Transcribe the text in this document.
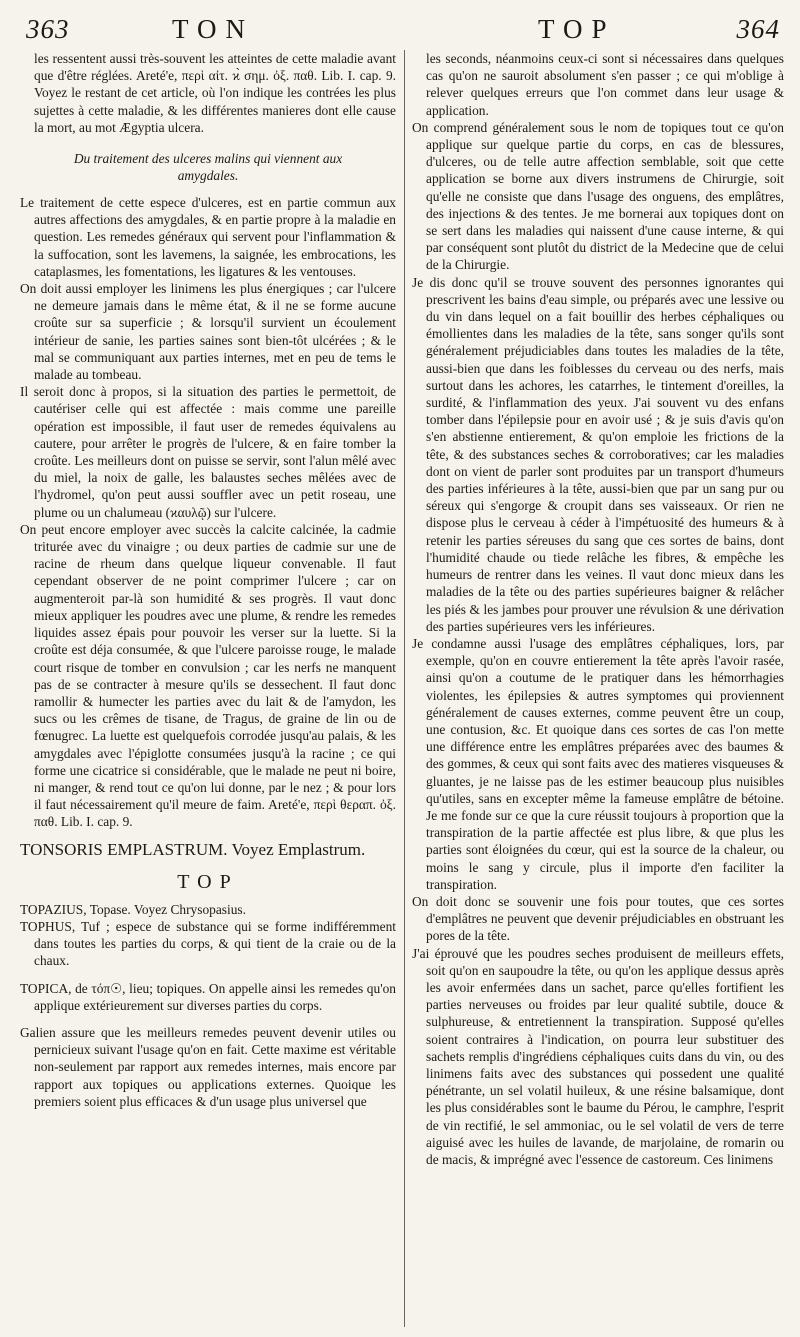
363	TON	TOP	364

les ressentent aussi très-souvent les atteintes de cette maladie avant que d'être réglées. Areté'e, περὶ αἰτ. ϰ̀ σημ. ὀξ. παθ. Lib. I. cap. 9. Voyez le restant de cet article, où l'on indique les contrées les plus sujettes à cette maladie, & les différentes manieres dont elle cause la mort, au mot Ægyptia ulcera.

Du traitement des ulceres malins qui viennent aux amygdales.

Le traitement de cette espece d'ulceres, est en partie commun aux autres affections des amygdales, & en partie propre à la maladie en question. Les remedes généraux qui servent pour l'inflammation & la suffocation, sont les lavemens, la saignée, les embrocations, les cataplasmes, les fomentations, les ligatures & les ventouses.

On doit aussi employer les linimens les plus énergiques ; car l'ulcere ne demeure jamais dans le même état, & il ne se forme aucune croûte sur sa superficie ; & lorsqu'il survient un écoulement intérieur de sanie, les parties saines sont bien-tôt ulcérées ; & le mal se communiquant aux parties internes, met en peu de tems le malade au tombeau.

Il seroit donc à propos, si la situation des parties le permettoit, de cautériser celle qui est affectée : mais comme une pareille opération est impossible, il faut user de remedes équivalens au cautere, pour arrêter le progrès de l'ulcere, & en faire tomber la croûte. Les meilleurs dont on puisse se servir, sont l'alun mêlé avec du miel, la noix de galle, les balaustes seches mêlées avec de l'hydromel, qu'on peut aussi souffler avec un petit roseau, une plume ou un chalumeau (ϰαυλῷ) sur l'ulcere.

On peut encore employer avec succès la calcite calcinée, la cadmie triturée avec du vinaigre ; ou deux parties de cadmie sur une de racine de rheum dans quelque liqueur convenable. Il faut cependant observer de ne point comprimer l'ulcere ; car on augmenteroit par-là son humidité & ses progrès. Il vaut donc mieux appliquer les poudres avec une plume, & rendre les remedes liquides assez épais pour pouvoir les verser sur la luette. Si la croûte est déja consumée, & que l'ulcere paroisse rouge, le malade court risque de tomber en convulsion ; car les nerfs ne manquent pas de se contracter à mesure qu'ils se dessechent. Il faut donc ramollir & humecter les parties avec du lait & de l'amydon, les sucs ou les crêmes de tisane, de Tragus, de graine de lin ou de fœnugrec. La luette est quelquefois corrodée jusqu'au palais, & les amygdales avec l'épiglotte consumées jusqu'à la racine ; ce qui forme une cicatrice si considérable, que le malade ne peut ni boire, ni manger, & rend tout ce qu'on lui donne, par le nez ; & pour lors il faut nécessairement qu'il meure de faim. Areté'e, περὶ θεραπ. ὀξ. παθ. Lib. I. cap. 9.

TONSORIS EMPLASTRUM. Voyez Emplastrum.

TOP

TOPAZIUS, Topase. Voyez Chrysopasius.

TOPHUS, Tuf ; espece de substance qui se forme indifféremment dans toutes les parties du corps, & qui tient de la craie ou de la chaux.

TOPICA, de τόπ☉, lieu; topiques. On appelle ainsi les remedes qu'on applique extérieurement sur diverses parties du corps.

Galien assure que les meilleurs remedes peuvent devenir utiles ou pernicieux suivant l'usage qu'on en fait. Cette maxime est véritable non-seulement par rapport aux remedes internes, mais encore par rapport aux topiques ou applications externes. Quoique les premiers soient plus efficaces & d'un usage plus universel que

les seconds, néanmoins ceux-ci sont si nécessaires dans quelques cas qu'on ne sauroit absolument s'en passer ; ce qui m'oblige à relever quelques erreurs que l'on commet dans leur usage & application.

On comprend généralement sous le nom de topiques tout ce qu'on applique sur quelque partie du corps, en cas de blessures, d'ulceres, ou de telle autre affection semblable, soit que cette application se borne aux divers instrumens de Chirurgie, soit qu'elle ne consiste que dans l'usage des onguens, des emplâtres, des injections & des tentes. Je me bornerai aux topiques dont on se sert dans les maladies qui naissent d'une cause interne, & qui par conséquent sont plutôt du district de la Medecine que de celui de la Chirurgie.

Je dis donc qu'il se trouve souvent des personnes ignorantes qui prescrivent les bains d'eau simple, ou préparés avec une lessive ou du vin dans lequel on a fait bouillir des herbes céphaliques ou émollientes dans les maladies de la tête, sans songer qu'ils sont généralement préjudiciables dans toutes les maladies de la tête, aussi-bien que dans les foiblesses du cerveau ou des nerfs, mais surtout dans les achores, les catarrhes, le tintement d'oreilles, la surdité, & l'inflammation des yeux. J'ai souvent vu des enfans tomber dans l'épilepsie pour en avoir usé ; & je suis d'avis qu'on s'en abstienne entierement, & qu'on emploie les frictions de la tête, & des substances seches & corroboratives; car les maladies dont on vient de parler sont produites par un transport d'humeurs des parties inférieures à la tête, aussi-bien que par un sang pur ou séreux qui s'engorge & croupit dans ses vaisseaux. Or rien ne dispose plus le cerveau à céder à l'impétuosité des humeurs & à retenir les parties séreuses du sang que ces sortes de bains, dont l'humidité chaude ou tiede relâche les fibres, & empêche les humeurs de rentrer dans les veines. Il vaut donc mieux dans les maladies de la tête ou des parties supérieures baigner & relâcher les piés & les jambes pour prouver une révulsion & une dérivation des parties supérieures vers les inférieures.

Je condamne aussi l'usage des emplâtres céphaliques, lors, par exemple, qu'on en couvre entierement la tête après l'avoir rasée, ainsi qu'on a coutume de le pratiquer dans les hémorrhagies violentes, les épilepsies & autres symptomes qui proviennent généralement de causes externes, comme peuvent être un coup, une contusion, &c. Et quoique dans ces sortes de cas l'on mette une différence entre les emplâtres préparées avec des baumes & des gommes, & ceux qui sont faits avec des matieres visqueuses & gluantes, je ne laisse pas de les estimer beaucoup plus nuisibles qu'utiles, sans en excepter même la fameuse emplâtre de bétoine. Je me fonde sur ce que la cure réussit toujours à proportion que la transpiration de la partie affectée est plus libre, & que plus les parties sont éloignées du cœur, qui est la source de la chaleur, ou moins le sang y circule, plus il importe d'en faciliter la transpiration.

On doit donc se souvenir une fois pour toutes, que ces sortes d'emplâtres ne peuvent que devenir préjudiciables en obstruant les pores de la tête.

J'ai éprouvé que les poudres seches produisent de meilleurs effets, soit qu'on en saupoudre la tête, ou qu'on les applique dessus après les avoir enfermées dans un sachet, parce qu'elles fortifient les parties nerveuses ou froides par leur qualité subtile, douce & sulphureuse, & entretiennent la transpiration. Supposé qu'elles soient contraires à l'indication, on pourra leur substituer des sachets remplis d'ingrédiens céphaliques cuits dans du vin, ou des linimens faits avec des substances qui possedent une qualité pénétrante, un sel volatil huileux, & une résine balsamique, dont les plus considérables sont le baume du Pérou, le camphre, l'esprit de vin rectifié, le sel ammoniac, ou le sel volatil de vers de terre aiguisé avec les huiles de lavande, de marjolaine, de romarin ou de macis, & imprégné avec l'essence de castoreum. Ces linimens
